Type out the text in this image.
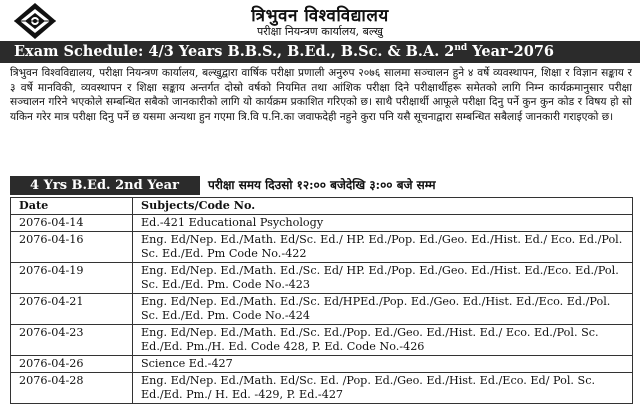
त्रिभुवन विश्वविद्यालय
परीक्षा नियन्त्रण कार्यालय, बल्खु
Exam Schedule: 4/3 Years B.B.S., B.Ed., B.Sc. & B.A. 2nd Year-2076
त्रिभुवन विश्वविद्यालय, परीक्षा नियन्त्रण कार्यालय, बल्खुद्वारा वार्षिक परीक्षा प्रणाली अनुरुप २०७६ सालमा सञ्चालन हुने ४ वर्षे व्यवस्थापन, शिक्षा र विज्ञान सङ्काय र ३ वर्षे मानविकी, व्यवस्थापन र शिक्षा सङ्काय अन्तर्गत दोस्रो वर्षको नियमित तथा आंशिक परीक्षा दिने परीक्षार्थीहरू समेतको लागि निम्न कार्यक्रमानुसार परीक्षा सञ्चालन गरिने भएकोले सम्बन्धित सबैको जानकारीको लागि यो कार्यक्रम प्रकाशित गरिएको छ। साथै परीक्षार्थी आफूले परीक्षा दिनु पर्ने कुन कुन कोड र विषय हो सो यकिन गरेर मात्र परीक्षा दिनु पर्ने छ यसमा अन्यथा हुन गएमा त्रि.वि प.नि.का जवाफदेही नहुने कुरा पनि यसै सूचनाद्वारा सम्बन्धित सबैलाई जानकारी गराइएको छ।
4 Yrs B.Ed. 2nd Year	परीक्षा समय दिउसो १२:०० बजेदेखि ३:०० बजे सम्म
Date	Subjects/Code No.
2076-04-14	Ed.-421 Educational Psychology
2076-04-16	Eng. Ed/Nep. Ed./Math. Ed/Sc. Ed./ HP. Ed./Pop. Ed./Geo. Ed./Hist. Ed./ Eco. Ed./Pol. Sc. Ed./Ed. Pm Code No.-422
2076-04-19	Eng. Ed/Nep. Ed./Math. Ed./Sc. Ed/ HP. Ed./Pop. Ed./Geo. Ed./Hist. Ed./Eco. Ed./Pol. Sc. Ed./Ed. Pm. Code No.-423
2076-04-21	Eng. Ed/Nep. Ed./Math. Ed./Sc. Ed/HPEd./Pop. Ed./Geo. Ed./Hist. Ed./Eco. Ed./Pol. Sc. Ed./Ed. Pm. Code No.-424
2076-04-23	Eng. Ed/Nep. Ed./Math. Ed./Sc. Ed./Pop. Ed./Geo. Ed./Hist. Ed./ Eco. Ed./Pol. Sc. Ed./Ed. Pm./H. Ed. Code 428, P. Ed. Code No.-426
2076-04-26	Science Ed.-427
2076-04-28	Eng. Ed/Nep. Ed./Math. Ed/Sc. Ed. /Pop. Ed./Geo. Ed./Hist. Ed./Eco. Ed/ Pol. Sc. Ed./Ed. Pm./ H. Ed. -429, P. Ed.-427
